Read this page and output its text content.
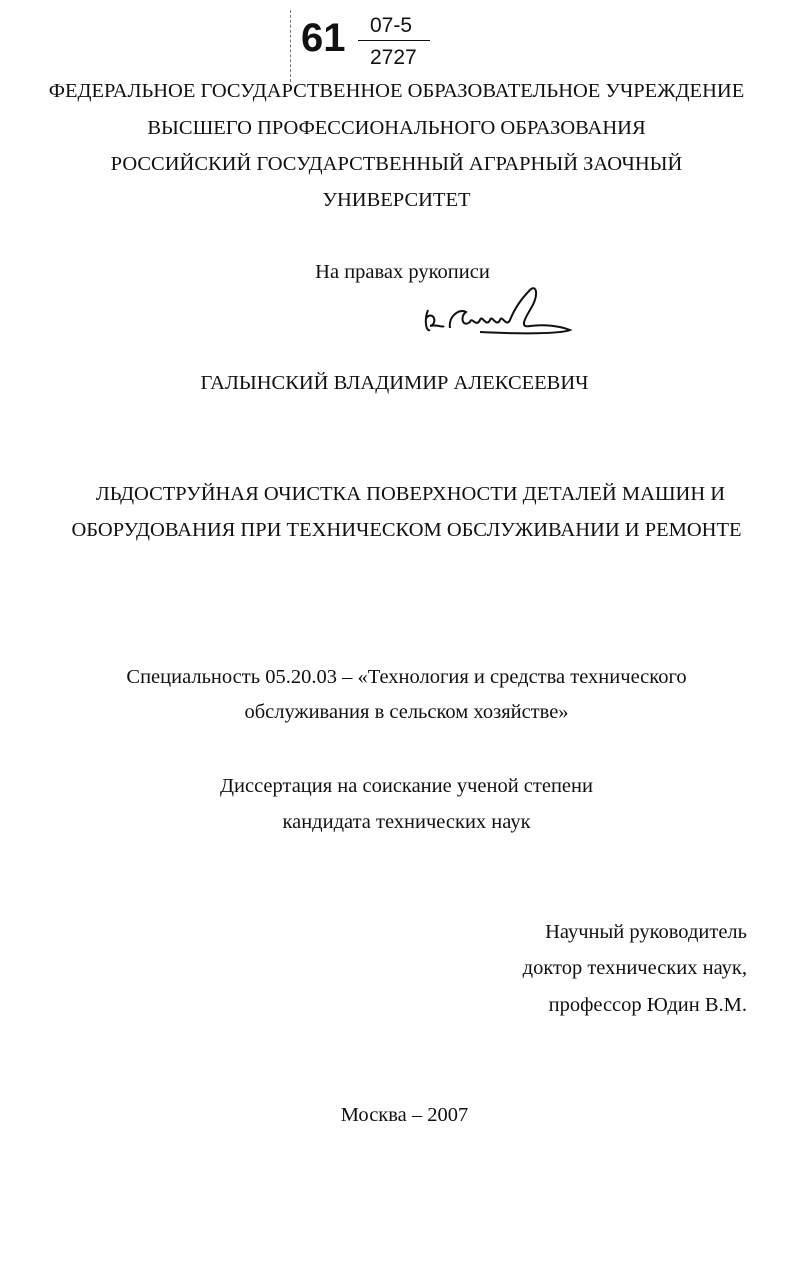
61 07-5
2727
ФЕДЕРАЛЬНОЕ ГОСУДАРСТВЕННОЕ ОБРАЗОВАТЕЛЬНОЕ УЧРЕЖДЕНИЕ
ВЫСШЕГО ПРОФЕССИОНАЛЬНОГО ОБРАЗОВАНИЯ
РОССИЙСКИЙ ГОСУДАРСТВЕННЫЙ АГРАРНЫЙ ЗАОЧНЫЙ
УНИВЕРСИТЕТ
На правах рукописи
ГАЛЫНСКИЙ ВЛАДИМИР АЛЕКСЕЕВИЧ
ЛЬДОСТРУЙНАЯ ОЧИСТКА ПОВЕРХНОСТИ ДЕТАЛЕЙ МАШИН И
ОБОРУДОВАНИЯ ПРИ ТЕХНИЧЕСКОМ ОБСЛУЖИВАНИИ И РЕМОНТЕ
Специальность 05.20.03 – «Технология и средства технического
обслуживания в сельском хозяйстве»
Диссертация на соискание ученой степени
кандидата технических наук
Научный руководитель
доктор технических наук,
профессор Юдин В.М.
Москва – 2007
